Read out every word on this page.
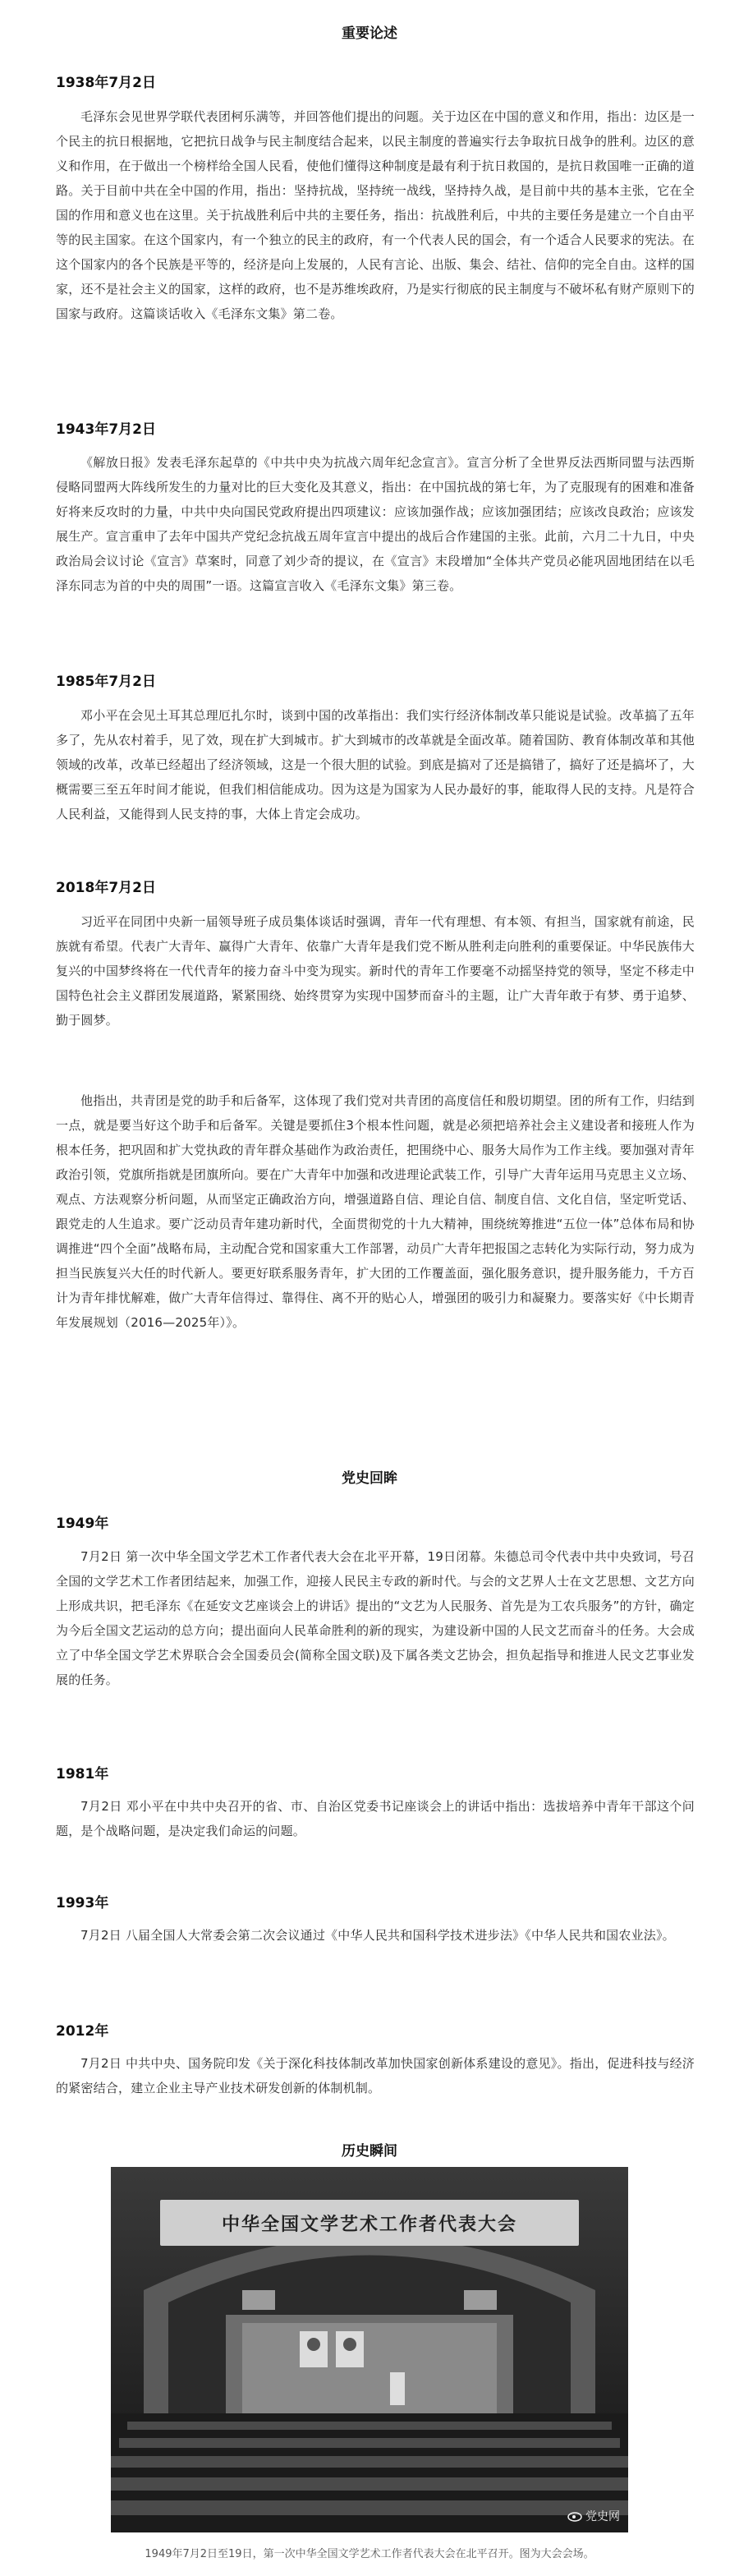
重要论述
1938年7月2日
毛泽东会见世界学联代表团柯乐满等，并回答他们提出的问题。关于边区在中国的意义和作用，指出：边区是一个民主的抗日根据地，它把抗日战争与民主制度结合起来，以民主制度的普遍实行去争取抗日战争的胜利。边区的意义和作用，在于做出一个榜样给全国人民看，使他们懂得这种制度是最有利于抗日救国的，是抗日救国唯一正确的道路。关于目前中共在全中国的作用，指出：坚持抗战，坚持统一战线，坚持持久战，是目前中共的基本主张，它在全国的作用和意义也在这里。关于抗战胜利后中共的主要任务，指出：抗战胜利后，中共的主要任务是建立一个自由平等的民主国家。在这个国家内，有一个独立的民主的政府，有一个代表人民的国会，有一个适合人民要求的宪法。在这个国家内的各个民族是平等的，经济是向上发展的，人民有言论、出版、集会、结社、信仰的完全自由。这样的国家，还不是社会主义的国家，这样的政府，也不是苏维埃政府，乃是实行彻底的民主制度与不破坏私有财产原则下的国家与政府。这篇谈话收入《毛泽东文集》第二卷。
1943年7月2日
《解放日报》发表毛泽东起草的《中共中央为抗战六周年纪念宣言》。宣言分析了全世界反法西斯同盟与法西斯侵略同盟两大阵线所发生的力量对比的巨大变化及其意义，指出：在中国抗战的第七年，为了克服现有的困难和准备好将来反攻时的力量，中共中央向国民党政府提出四项建议：应该加强作战；应该加强团结；应该改良政治；应该发展生产。宣言重申了去年中国共产党纪念抗战五周年宣言中提出的战后合作建国的主张。此前，六月二十九日，中央政治局会议讨论《宣言》草案时，同意了刘少奇的提议，在《宣言》末段增加“全体共产党员必能巩固地团结在以毛泽东同志为首的中央的周围”一语。这篇宣言收入《毛泽东文集》第三卷。
1985年7月2日
邓小平在会见土耳其总理厄扎尔时，谈到中国的改革指出：我们实行经济体制改革只能说是试验。改革搞了五年多了，先从农村着手，见了效，现在扩大到城市。扩大到城市的改革就是全面改革。随着国防、教育体制改革和其他领域的改革，改革已经超出了经济领域，这是一个很大胆的试验。到底是搞对了还是搞错了，搞好了还是搞坏了，大概需要三至五年时间才能说，但我们相信能成功。因为这是为国家为人民办最好的事，能取得人民的支持。凡是符合人民利益，又能得到人民支持的事，大体上肯定会成功。
2018年7月2日
习近平在同团中央新一届领导班子成员集体谈话时强调，青年一代有理想、有本领、有担当，国家就有前途，民族就有希望。代表广大青年、赢得广大青年、依靠广大青年是我们党不断从胜利走向胜利的重要保证。中华民族伟大复兴的中国梦终将在一代代青年的接力奋斗中变为现实。新时代的青年工作要毫不动摇坚持党的领导，坚定不移走中国特色社会主义群团发展道路，紧紧围绕、始终贯穿为实现中国梦而奋斗的主题，让广大青年敢于有梦、勇于追梦、勤于圆梦。
他指出，共青团是党的助手和后备军，这体现了我们党对共青团的高度信任和殷切期望。团的所有工作，归结到一点，就是要当好这个助手和后备军。关键是要抓住3个根本性问题，就是必须把培养社会主义建设者和接班人作为根本任务，把巩固和扩大党执政的青年群众基础作为政治责任，把围绕中心、服务大局作为工作主线。要加强对青年政治引领，党旗所指就是团旗所向。要在广大青年中加强和改进理论武装工作，引导广大青年运用马克思主义立场、观点、方法观察分析问题，从而坚定正确政治方向，增强道路自信、理论自信、制度自信、文化自信，坚定听党话、跟党走的人生追求。要广泛动员青年建功新时代，全面贯彻党的十九大精神，围绕统筹推进“五位一体”总体布局和协调推进“四个全面”战略布局，主动配合党和国家重大工作部署，动员广大青年把报国之志转化为实际行动，努力成为担当民族复兴大任的时代新人。要更好联系服务青年，扩大团的工作覆盖面，强化服务意识，提升服务能力，千方百计为青年排忧解难，做广大青年信得过、靠得住、离不开的贴心人，增强团的吸引力和凝聚力。要落实好《中长期青年发展规划（2016—2025年）》。
党史回眸
1949年
7月2日 第一次中华全国文学艺术工作者代表大会在北平开幕，19日闭幕。朱德总司令代表中共中央致词，号召全国的文学艺术工作者团结起来，加强工作，迎接人民民主专政的新时代。与会的文艺界人士在文艺思想、文艺方向上形成共识，把毛泽东《在延安文艺座谈会上的讲话》提出的“文艺为人民服务、首先是为工农兵服务”的方针，确定为今后全国文艺运动的总方向；提出面向人民革命胜利的新的现实，为建设新中国的人民文艺而奋斗的任务。大会成立了中华全国文学艺术界联合会全国委员会(简称全国文联)及下属各类文艺协会，担负起指导和推进人民文艺事业发展的任务。
1981年
7月2日 邓小平在中共中央召开的省、市、自治区党委书记座谈会上的讲话中指出：选拔培养中青年干部这个问题，是个战略问题，是决定我们命运的问题。
1993年
7月2日 八届全国人大常委会第二次会议通过《中华人民共和国科学技术进步法》《中华人民共和国农业法》。
2012年
7月2日 中共中央、国务院印发《关于深化科技体制改革加快国家创新体系建设的意见》。指出，促进科技与经济的紧密结合，建立企业主导产业技术研发创新的体制机制。
历史瞬间
中华全国文学艺术工作者代表大会
党史网
1949年7月2日至19日，第一次中华全国文学艺术工作者代表大会在北平召开。图为大会会场。
